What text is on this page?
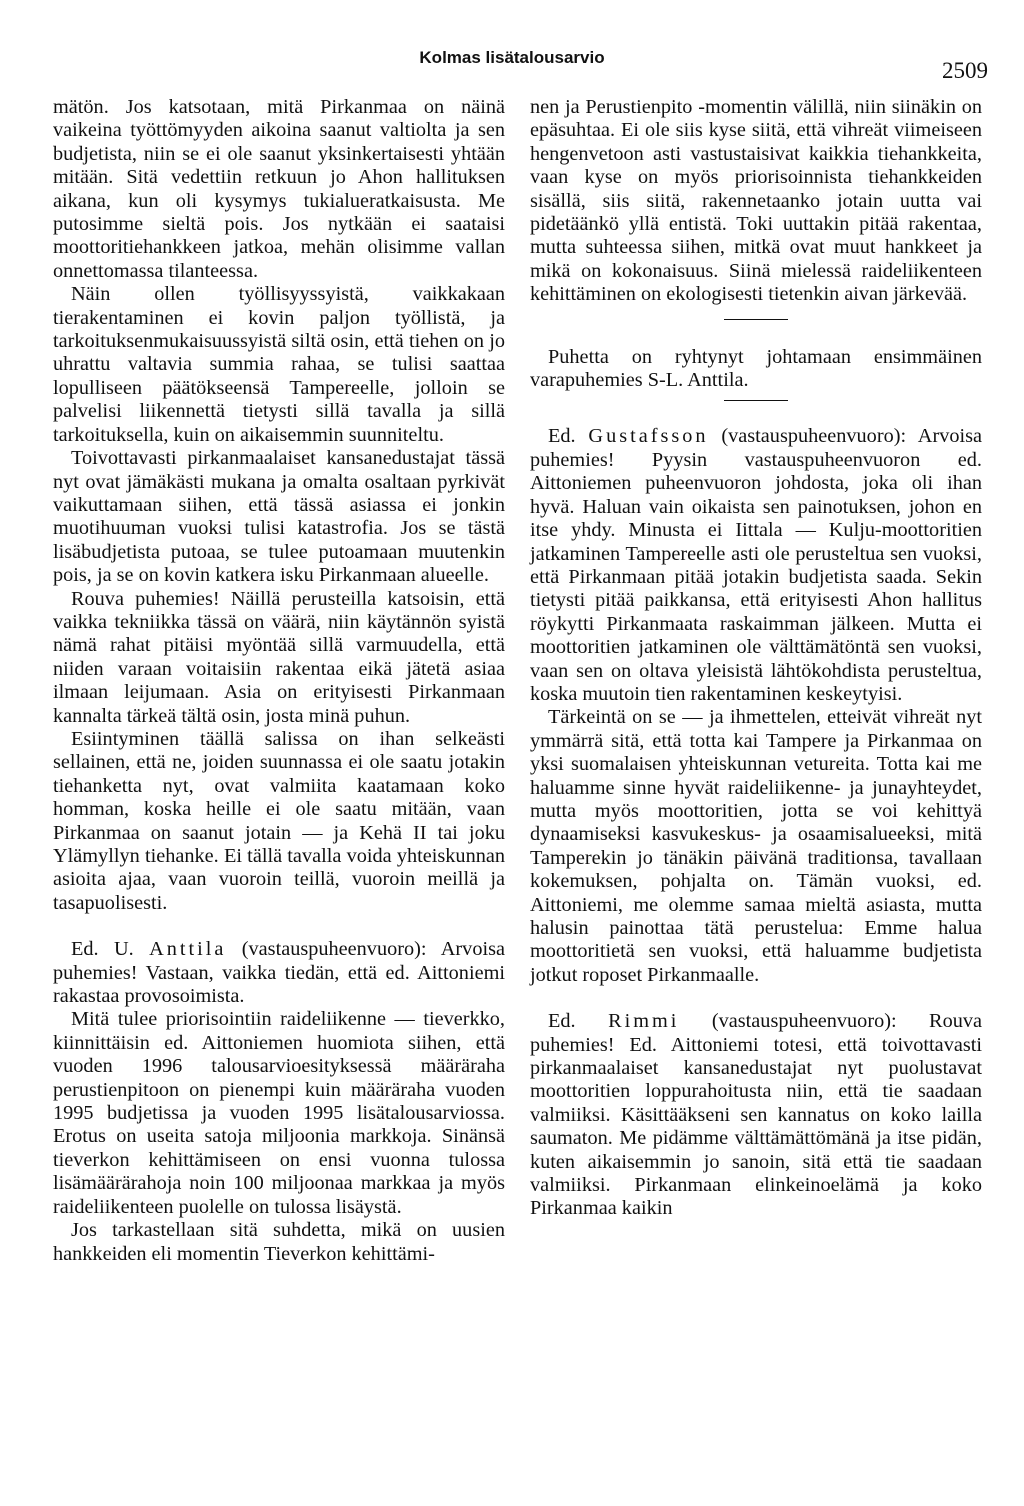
Kolmas lisätalousarvio
2509

mätön. Jos katsotaan, mitä Pirkanmaa on näinä vaikeina työttömyyden aikoina saanut valtiolta ja sen budjetista, niin se ei ole saanut yksinkertaisesti yhtään mitään. Sitä vedettiin retkuun jo Ahon hallituksen aikana, kun oli kysymys tukialueratkaisusta. Me putosimme sieltä pois. Jos nytkään ei saataisi moottoritiehankkeen jatkoa, mehän olisimme vallan onnettomassa tilanteessa.

Näin ollen työllisyyssyistä, vaikkakaan tierakentaminen ei kovin paljon työllistä, ja tarkoituksenmukaisuussyistä siltä osin, että tiehen on jo uhrattu valtavia summia rahaa, se tulisi saattaa lopulliseen päätökseensä Tampereelle, jolloin se palvelisi liikennettä tietysti sillä tavalla ja sillä tarkoituksella, kuin on aikaisemmin suunniteltu.

Toivottavasti pirkanmaalaiset kansanedustajat tässä nyt ovat jämäkästi mukana ja omalta osaltaan pyrkivät vaikuttamaan siihen, että tässä asiassa ei jonkin muotihuuman vuoksi tulisi katastrofia. Jos se tästä lisäbudjetista putoaa, se tulee putoamaan muutenkin pois, ja se on kovin katkera isku Pirkanmaan alueelle.

Rouva puhemies! Näillä perusteilla katsoisin, että vaikka tekniikka tässä on väärä, niin käytännön syistä nämä rahat pitäisi myöntää sillä varmuudella, että niiden varaan voitaisiin rakentaa eikä jätetä asiaa ilmaan leijumaan. Asia on erityisesti Pirkanmaan kannalta tärkeä tältä osin, josta minä puhun.

Esiintyminen täällä salissa on ihan selkeästi sellainen, että ne, joiden suunnassa ei ole saatu jotakin tiehanketta nyt, ovat valmiita kaatamaan koko homman, koska heille ei ole saatu mitään, vaan Pirkanmaa on saanut jotain — ja Kehä II tai joku Ylämyllyn tiehanke. Ei tällä tavalla voida yhteiskunnan asioita ajaa, vaan vuoroin teillä, vuoroin meillä ja tasapuolisesti.

Ed. U. Anttila (vastauspuheenvuoro): Arvoisa puhemies! Vastaan, vaikka tiedän, että ed. Aittoniemi rakastaa provosoimista.

Mitä tulee priorisointiin raideliikenne — tieverkko, kiinnittäisin ed. Aittoniemen huomiota siihen, että vuoden 1996 talousarvioesityksessä määräraha perustienpitoon on pienempi kuin määräraha vuoden 1995 budjetissa ja vuoden 1995 lisätalousarviossa. Erotus on useita satoja miljoonia markkoja. Sinänsä tieverkon kehittämiseen on ensi vuonna tulossa lisämäärärahoja noin 100 miljoonaa markkaa ja myös raideliikenteen puolelle on tulossa lisäystä.

Jos tarkastellaan sitä suhdetta, mikä on uusien hankkeiden eli momentin Tieverkon kehittämi-

nen ja Perustienpito -momentin välillä, niin siinäkin on epäsuhtaa. Ei ole siis kyse siitä, että vihreät viimeiseen hengenvetoon asti vastustaisivat kaikkia tiehankkeita, vaan kyse on myös priorisoinnista tiehankkeiden sisällä, siis siitä, rakennetaanko jotain uutta vai pidetäänkö yllä entistä. Toki uuttakin pitää rakentaa, mutta suhteessa siihen, mitkä ovat muut hankkeet ja mikä on kokonaisuus. Siinä mielessä raideliikenteen kehittäminen on ekologisesti tietenkin aivan järkevää.

Puhetta on ryhtynyt johtamaan ensimmäinen varapuhemies S-L. Anttila.

Ed. Gustafsson (vastauspuheenvuoro): Arvoisa puhemies! Pyysin vastauspuheenvuoron ed. Aittoniemen puheenvuoron johdosta, joka oli ihan hyvä. Haluan vain oikaista sen painotuksen, johon en itse yhdy. Minusta ei Iittala — Kulju-moottoritien jatkaminen Tampereelle asti ole perusteltua sen vuoksi, että Pirkanmaan pitää jotakin budjetista saada. Sekin tietysti pitää paikkansa, että erityisesti Ahon hallitus röykytti Pirkanmaata raskaimman jälkeen. Mutta ei moottoritien jatkaminen ole välttämätöntä sen vuoksi, vaan sen on oltava yleisistä lähtökohdista perusteltua, koska muutoin tien rakentaminen keskeytyisi.

Tärkeintä on se — ja ihmettelen, etteivät vihreät nyt ymmärrä sitä, että totta kai Tampere ja Pirkanmaa on yksi suomalaisen yhteiskunnan vetureita. Totta kai me haluamme sinne hyvät raideliikenne- ja junayhteydet, mutta myös moottoritien, jotta se voi kehittyä dynaamiseksi kasvukeskus- ja osaamisalueeksi, mitä Tamperekin jo tänäkin päivänä traditionsa, tavallaan kokemuksen, pohjalta on. Tämän vuoksi, ed. Aittoniemi, me olemme samaa mieltä asiasta, mutta halusin painottaa tätä perustelua: Emme halua moottoritietä sen vuoksi, että haluamme budjetista jotkut roposet Pirkanmaalle.

Ed. Rimmi (vastauspuheenvuoro): Rouva puhemies! Ed. Aittoniemi totesi, että toivottavasti pirkanmaalaiset kansanedustajat nyt puolustavat moottoritien loppurahoitusta niin, että tie saadaan valmiiksi. Käsittääkseni sen kannatus on koko lailla saumaton. Me pidämme välttämättömänä ja itse pidän, kuten aikaisemmin jo sanoin, sitä että tie saadaan valmiiksi. Pirkanmaan elinkeinoelämä ja koko Pirkanmaa kaikin
